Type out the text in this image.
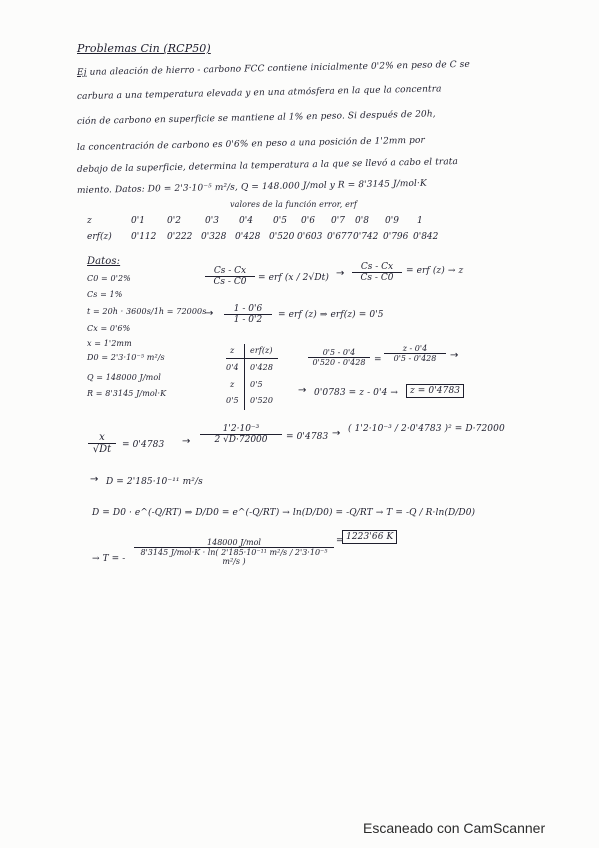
Problemas Cin (RCP50)
Ej una aleación de hierro - carbono FCC contiene inicialmente 0'2% en peso de C se
carbura a una temperatura elevada y en una atmósfera en la que la concentra
ción de carbono en superficie se mantiene al 1% en peso. Si después de 20h,
la concentración de carbono es 0'6% en peso a una posición de 1'2mm por
debajo de la superficie, determina la temperatura a la que se llevó a cabo el trata
miento. Datos: D0 = 2'3·10⁻⁵ m²/s, Q = 148.000 J/mol y R = 8'3145 J/mol·K
valores de la función error, erf
z	0'1 0'2	0'3 0'4 0'5 0'6 0'7 0'8 0'9 1
erf(z) 0'112 0'222 0'328 0'428 0'520 0'603 0'677 0'742 0'796 0'842
Datos:
C0 = 0'2%
Cs = 1%
t = 20h · 3600s/1h = 72000s
Cx = 0'6%
x = 1'2mm
D0 = 2'3·10⁻⁵ m²/s
Q = 148000 J/mol
R = 8'3145 J/mol·K
$\frac{Cs - Cx}{Cs - C0}$ = erf $(x / 2√Dt) \to \frac{Cs - Cx}{Cs - C0}$ = erf (z) → z
→ $\frac{1 - 0'6}{1 - 0'2}$ = erf (z) ⇒ erf(z) = 0'5
z erf(z)
0'4 0'428
z 0'5
0'5 0'520
$\frac{0'5 - 0'4}{0'520 - 0'428} = \frac{z - 0'4}{0'5 - 0'428}$ →
→ 0'0783 = z - 0'4 →	z = 0'4783
$\frac{x}{√Dt} = 0'4783 \to \frac{\text{1'2·10⁻³}}{2 √D\cdot 72000} = 0'4783$ → ( 1'2·10⁻³ / 2·0'4783 )² = D·72000
→ D = 2'185·10⁻¹¹ m²/s
D = D0 · e^(-Q/RT) ⇒ D/D0 = e^(-Q/RT) → ln(D/D0) = -Q/RT → T = -Q / R·ln(D/D0)
→ T = -
148000 J/mol
8'3145 J/mol·K · ln( 2'185·10⁻¹¹ m²/s / 2'3·10⁻⁵ m²/s )
= 1223'66 K
Escaneado con CamScanner
